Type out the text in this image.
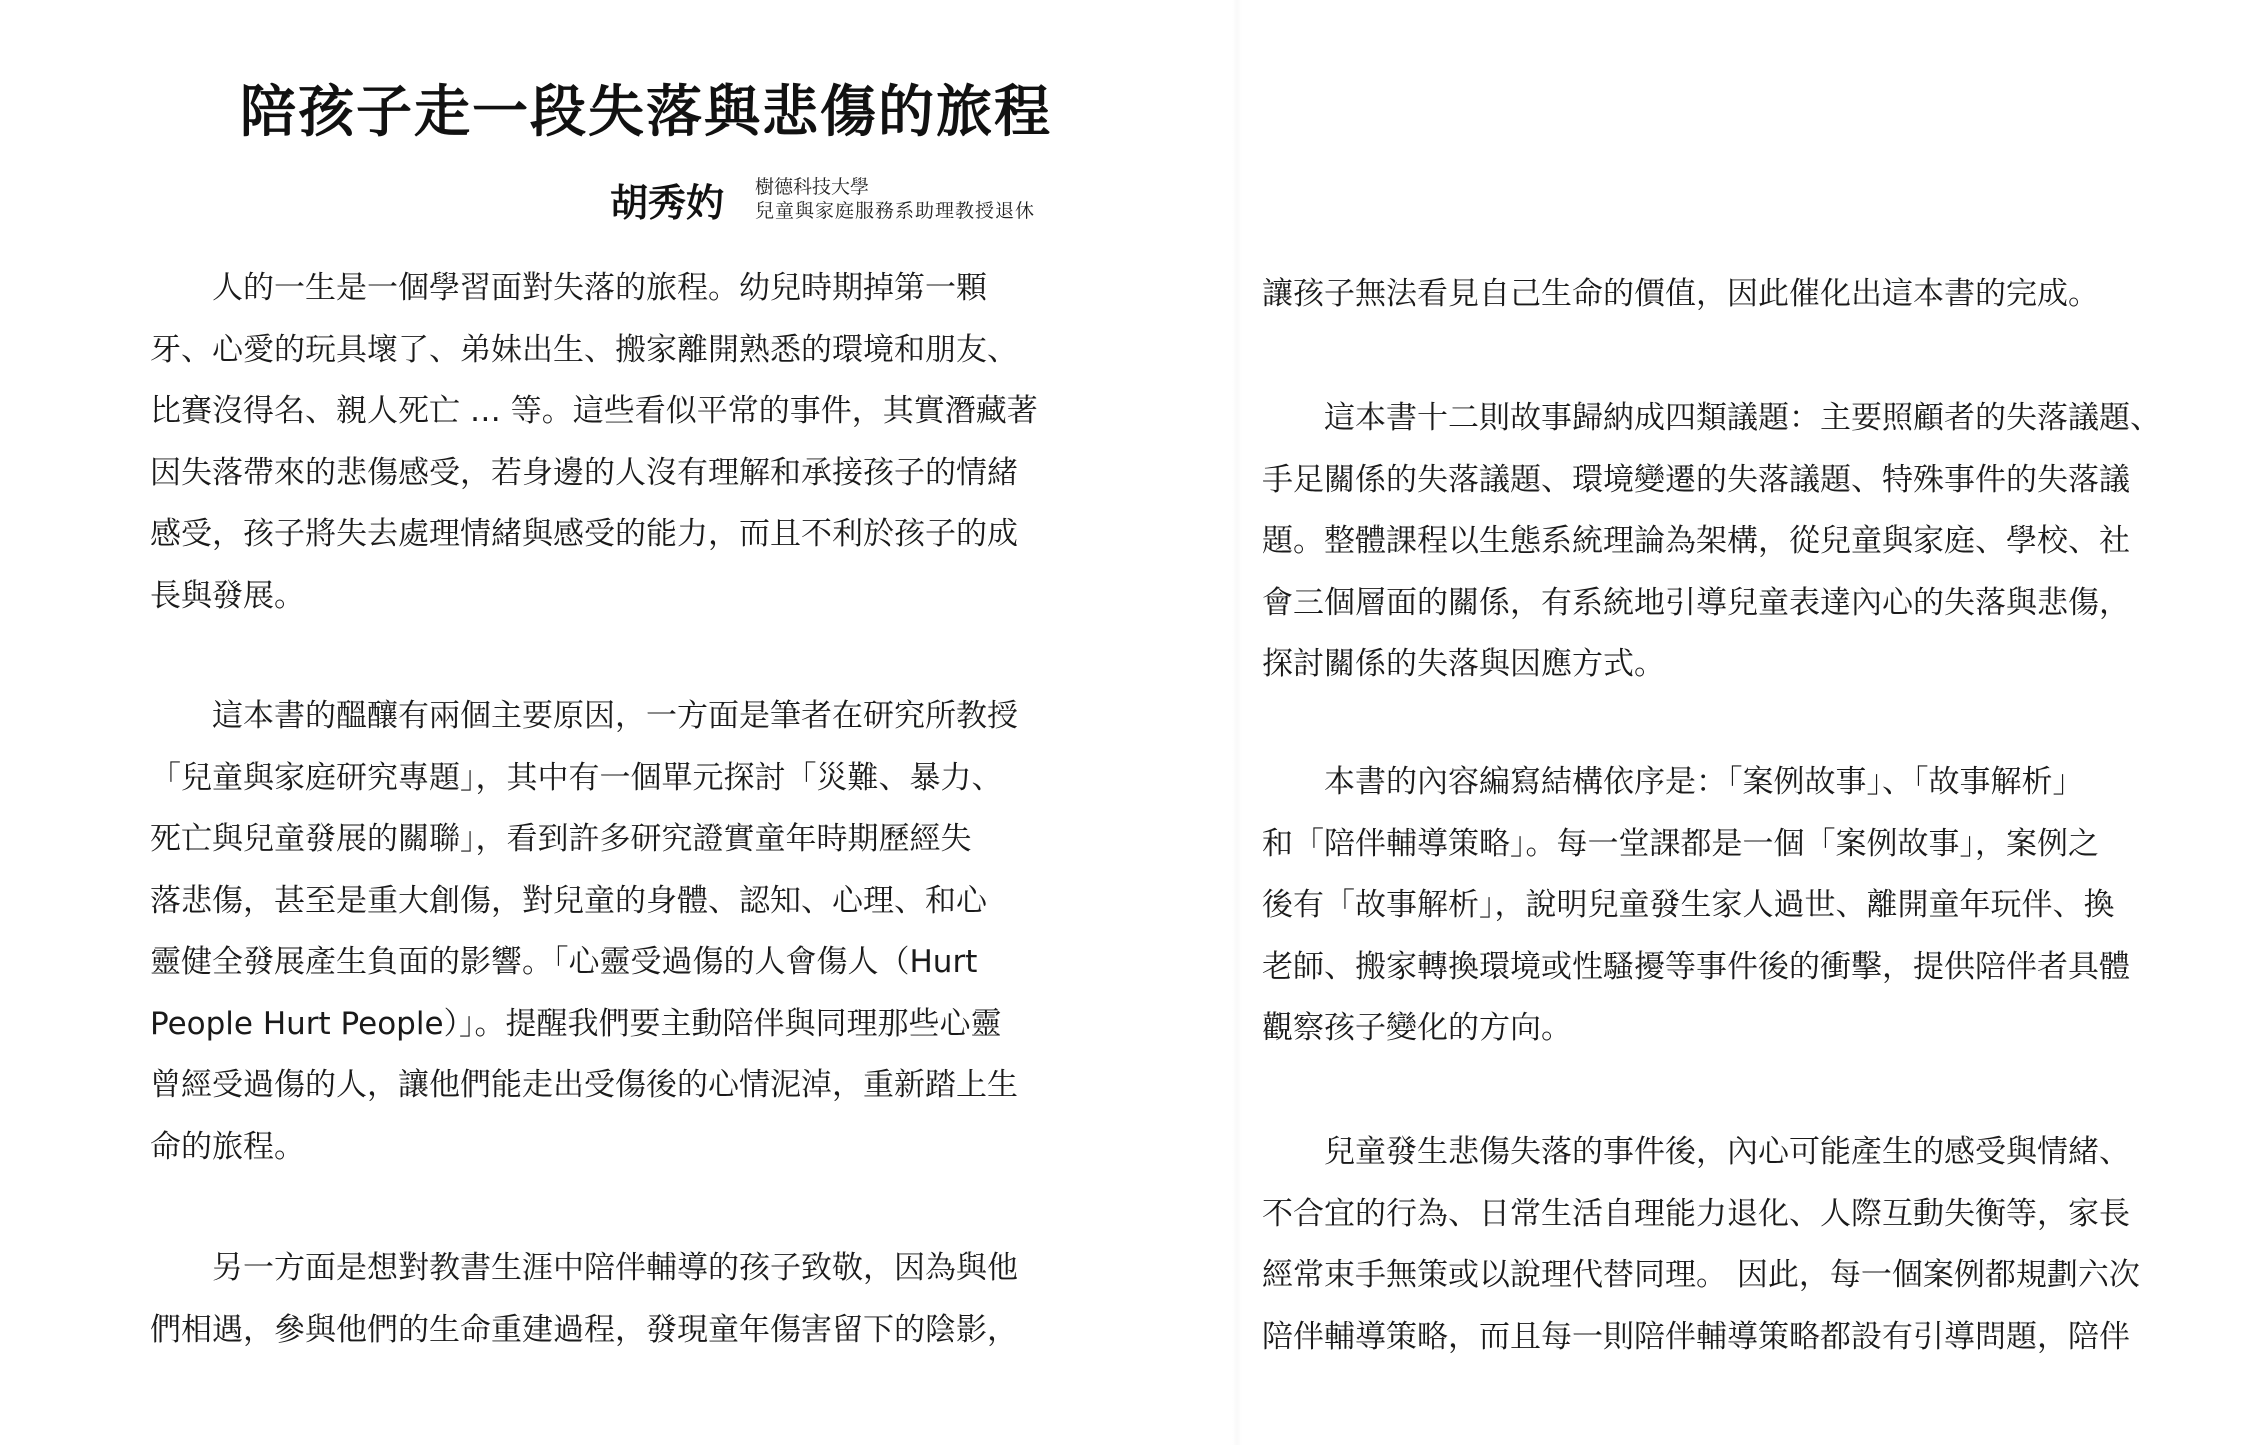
陪孩子走一段失落與悲傷的旅程
胡秀妁 樹德科技大學
兒童與家庭服務系助理教授退休

人的一生是一個學習面對失落的旅程。幼兒時期掉第一顆
牙、心愛的玩具壞了、弟妹出生、搬家離開熟悉的環境和朋友、
比賽沒得名、親人死亡 … 等。這些看似平常的事件，其實潛藏著
因失落帶來的悲傷感受，若身邊的人沒有理解和承接孩子的情緒
感受，孩子將失去處理情緒與感受的能力，而且不利於孩子的成
長與發展。

這本書的醞釀有兩個主要原因，一方面是筆者在研究所教授
「兒童與家庭研究專題」，其中有一個單元探討「災難、暴力、
死亡與兒童發展的關聯」，看到許多研究證實童年時期歷經失
落悲傷，甚至是重大創傷，對兒童的身體、認知、心理、和心
靈健全發展產生負面的影響。「心靈受過傷的人會傷人（Hurt
People Hurt People）」。提醒我們要主動陪伴與同理那些心靈
曾經受過傷的人，讓他們能走出受傷後的心情泥淖，重新踏上生
命的旅程。

另一方面是想對教書生涯中陪伴輔導的孩子致敬，因為與他
們相遇，參與他們的生命重建過程，發現童年傷害留下的陰影，

讓孩子無法看見自己生命的價值，因此催化出這本書的完成。

這本書十二則故事歸納成四類議題：主要照顧者的失落議題、
手足關係的失落議題、環境變遷的失落議題、特殊事件的失落議
題。整體課程以生態系統理論為架構，從兒童與家庭、學校、社
會三個層面的關係，有系統地引導兒童表達內心的失落與悲傷，
探討關係的失落與因應方式。

本書的內容編寫結構依序是：「案例故事」、「故事解析」
和「陪伴輔導策略」。每一堂課都是一個「案例故事」，案例之
後有「故事解析」，說明兒童發生家人過世、離開童年玩伴、換
老師、搬家轉換環境或性騷擾等事件後的衝擊，提供陪伴者具體
觀察孩子變化的方向。

兒童發生悲傷失落的事件後，內心可能產生的感受與情緒、
不合宜的行為、日常生活自理能力退化、人際互動失衡等，家長
經常束手無策或以說理代替同理。 因此，每一個案例都規劃六次
陪伴輔導策略，而且每一則陪伴輔導策略都設有引導問題，陪伴
